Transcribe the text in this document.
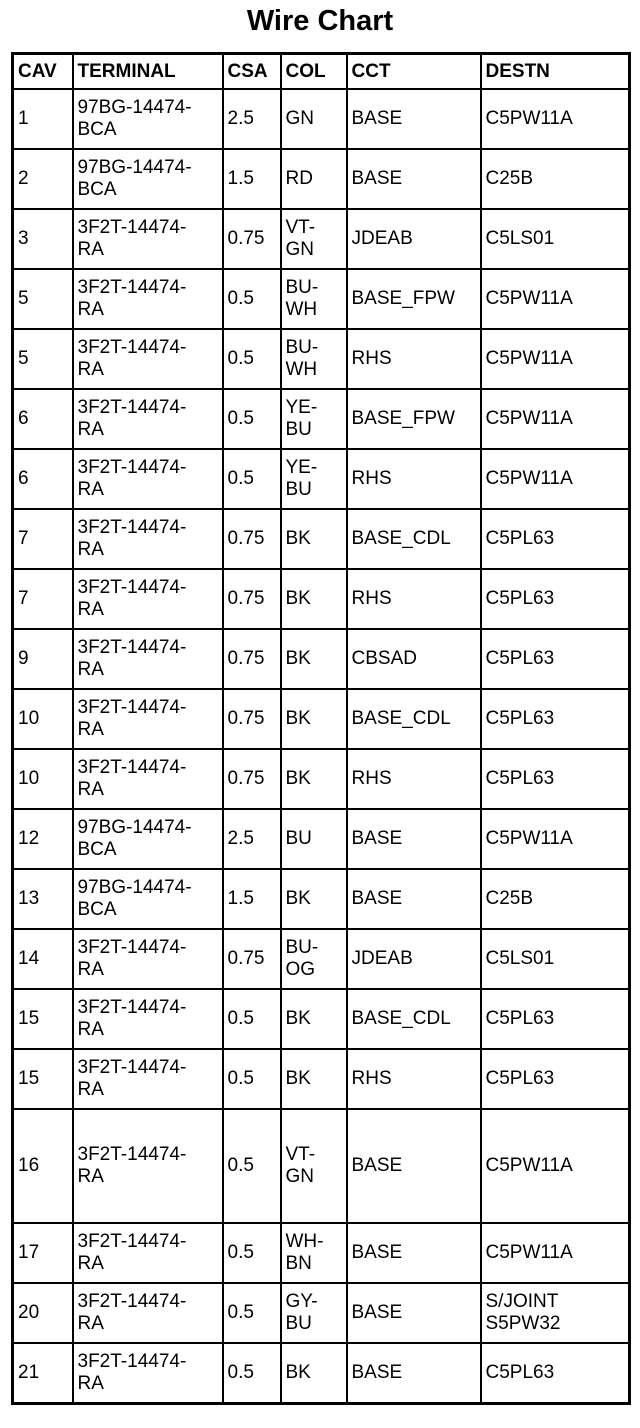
Wire Chart
CAV	TERMINAL	CSA	COL	CCT	DESTN

1	97BG-14474-
BCA	2.5	GN	BASE	C5PW11A

2	97BG-14474-
BCA	1.5	RD	BASE	C25B

3	3F2T-14474-
RA	0.75	VT-
GN	JDEAB	C5LS01

5	3F2T-14474-
RA	0.5	BU-
WH	BASE_FPW	C5PW11A

5	3F2T-14474-
RA	0.5	BU-
WH	RHS	C5PW11A

6	3F2T-14474-
RA	0.5	YE-
BU	BASE_FPW	C5PW11A

6	3F2T-14474-
RA	0.5	YE-
BU	RHS	C5PW11A

7	3F2T-14474-
RA	0.75	BK	BASE_CDL	C5PL63

7	3F2T-14474-
RA	0.75	BK	RHS	C5PL63

9	3F2T-14474-
RA	0.75	BK	CBSAD	C5PL63

10	3F2T-14474-
RA	0.75	BK	BASE_CDL	C5PL63

10	3F2T-14474-
RA	0.75	BK	RHS	C5PL63

12	97BG-14474-
BCA	2.5	BU	BASE	C5PW11A

13	97BG-14474-
BCA	1.5	BK	BASE	C25B

14	3F2T-14474-
RA	0.75	BU-
OG	JDEAB	C5LS01

15	3F2T-14474-
RA	0.5	BK	BASE_CDL	C5PL63

15	3F2T-14474-
RA	0.5	BK	RHS	C5PL63

16	3F2T-14474-
RA	0.5	VT-
GN	BASE	C5PW11A

17	3F2T-14474-
RA	0.5	WH-
BN	BASE	C5PW11A

20	3F2T-14474-
RA	0.5	GY-
BU	BASE	S/JOINT
S5PW32

21	3F2T-14474-
RA	0.5	BK	BASE	C5PL63
